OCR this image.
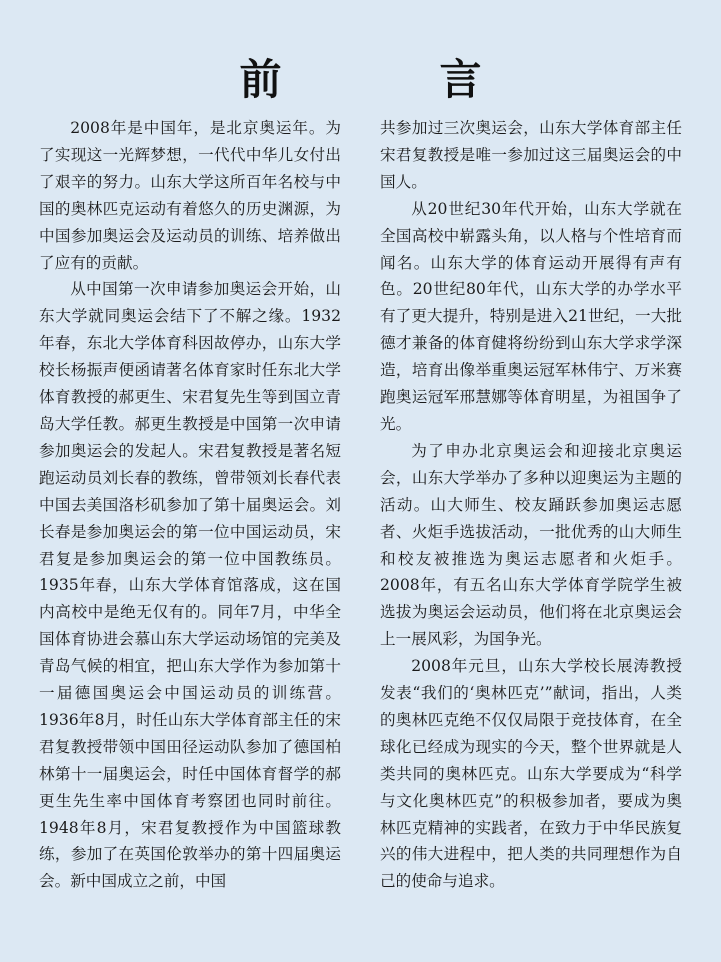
前　言

2008年是中国年，是北京奥运年。为了实现这一光辉梦想，一代代中华儿女付出了艰辛的努力。山东大学这所百年名校与中国的奥林匹克运动有着悠久的历史渊源，为中国参加奥运会及运动员的训练、培养做出了应有的贡献。

从中国第一次申请参加奥运会开始，山东大学就同奥运会结下了不解之缘。1932年春，东北大学体育科因故停办，山东大学校长杨振声便函请著名体育家时任东北大学体育教授的郝更生、宋君复先生等到国立青岛大学任教。郝更生教授是中国第一次申请参加奥运会的发起人。宋君复教授是著名短跑运动员刘长春的教练，曾带领刘长春代表中国去美国洛杉矶参加了第十届奥运会。刘长春是参加奥运会的第一位中国运动员，宋君复是参加奥运会的第一位中国教练员。1935年春，山东大学体育馆落成，这在国内高校中是绝无仅有的。同年7月，中华全国体育协进会慕山东大学运动场馆的完美及青岛气候的相宜，把山东大学作为参加第十一届德国奥运会中国运动员的训练营。1936年8月，时任山东大学体育部主任的宋君复教授带领中国田径运动队参加了德国柏林第十一届奥运会，时任中国体育督学的郝更生先生率中国体育考察团也同时前往。1948年8月，宋君复教授作为中国篮球教练，参加了在英国伦敦举办的第十四届奥运会。新中国成立之前，中国

共参加过三次奥运会，山东大学体育部主任宋君复教授是唯一参加过这三届奥运会的中国人。

从20世纪30年代开始，山东大学就在全国高校中崭露头角，以人格与个性培育而闻名。山东大学的体育运动开展得有声有色。20世纪80年代，山东大学的办学水平有了更大提升，特别是进入21世纪，一大批德才兼备的体育健将纷纷到山东大学求学深造，培育出像举重奥运冠军林伟宁、万米赛跑奥运冠军邢慧娜等体育明星，为祖国争了光。

为了申办北京奥运会和迎接北京奥运会，山东大学举办了多种以迎奥运为主题的活动。山大师生、校友踊跃参加奥运志愿者、火炬手选拔活动，一批优秀的山大师生和校友被推选为奥运志愿者和火炬手。2008年，有五名山东大学体育学院学生被选拔为奥运会运动员，他们将在北京奥运会上一展风彩，为国争光。

2008年元旦，山东大学校长展涛教授发表“我们的‘奥林匹克’”献词，指出，人类的奥林匹克绝不仅仅局限于竞技体育，在全球化已经成为现实的今天，整个世界就是人类共同的奥林匹克。山东大学要成为“科学与文化奥林匹克”的积极参加者，要成为奥林匹克精神的实践者，在致力于中华民族复兴的伟大进程中，把人类的共同理想作为自己的使命与追求。
